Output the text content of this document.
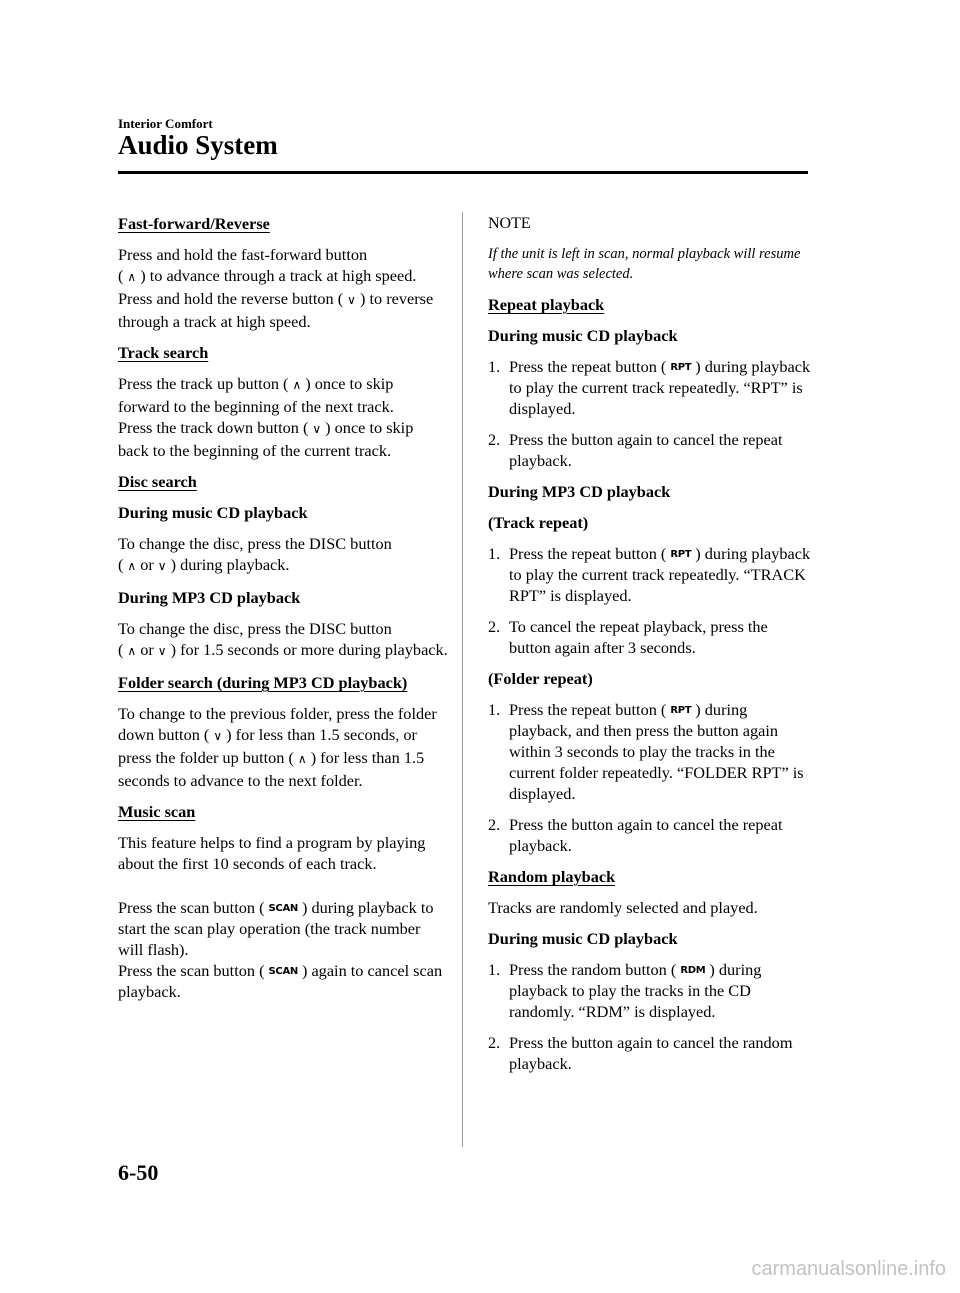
Interior Comfort
Audio System

Fast-forward/Reverse

Press and hold the fast-forward button
( ∧ ) to advance through a track at high speed.
Press and hold the reverse button ( ∨ ) to reverse through a track at high speed.

Track search

Press the track up button ( ∧ ) once to skip forward to the beginning of the next track.
Press the track down button ( ∨ ) once to skip back to the beginning of the current track.

Disc search

During music CD playback

To change the disc, press the DISC button
( ∧ or ∨ ) during playback.

During MP3 CD playback

To change the disc, press the DISC button
( ∧ or ∨ ) for 1.5 seconds or more during playback.

Folder search (during MP3 CD playback)

To change to the previous folder, press the folder down button ( ∨ ) for less than 1.5 seconds, or press the folder up button ( ∧ ) for less than 1.5 seconds to advance to the next folder.

Music scan

This feature helps to find a program by playing about the first 10 seconds of each track.

Press the scan button ( SCAN ) during playback to start the scan play operation (the track number will flash).
Press the scan button ( SCAN ) again to cancel scan playback.

NOTE

If the unit is left in scan, normal playback will resume where scan was selected.

Repeat playback

During music CD playback

1. Press the repeat button ( RPT ) during playback to play the current track repeatedly. “RPT” is displayed.
2. Press the button again to cancel the repeat playback.

During MP3 CD playback

(Track repeat)

1. Press the repeat button ( RPT ) during playback to play the current track repeatedly. “TRACK RPT” is displayed.
2. To cancel the repeat playback, press the button again after 3 seconds.

(Folder repeat)

1. Press the repeat button ( RPT ) during playback, and then press the button again within 3 seconds to play the tracks in the current folder repeatedly. “FOLDER RPT” is displayed.
2. Press the button again to cancel the repeat playback.

Random playback

Tracks are randomly selected and played.

During music CD playback

1. Press the random button ( RDM ) during playback to play the tracks in the CD randomly. “RDM” is displayed.
2. Press the button again to cancel the random playback.
6-50
carmanualsonline.info
